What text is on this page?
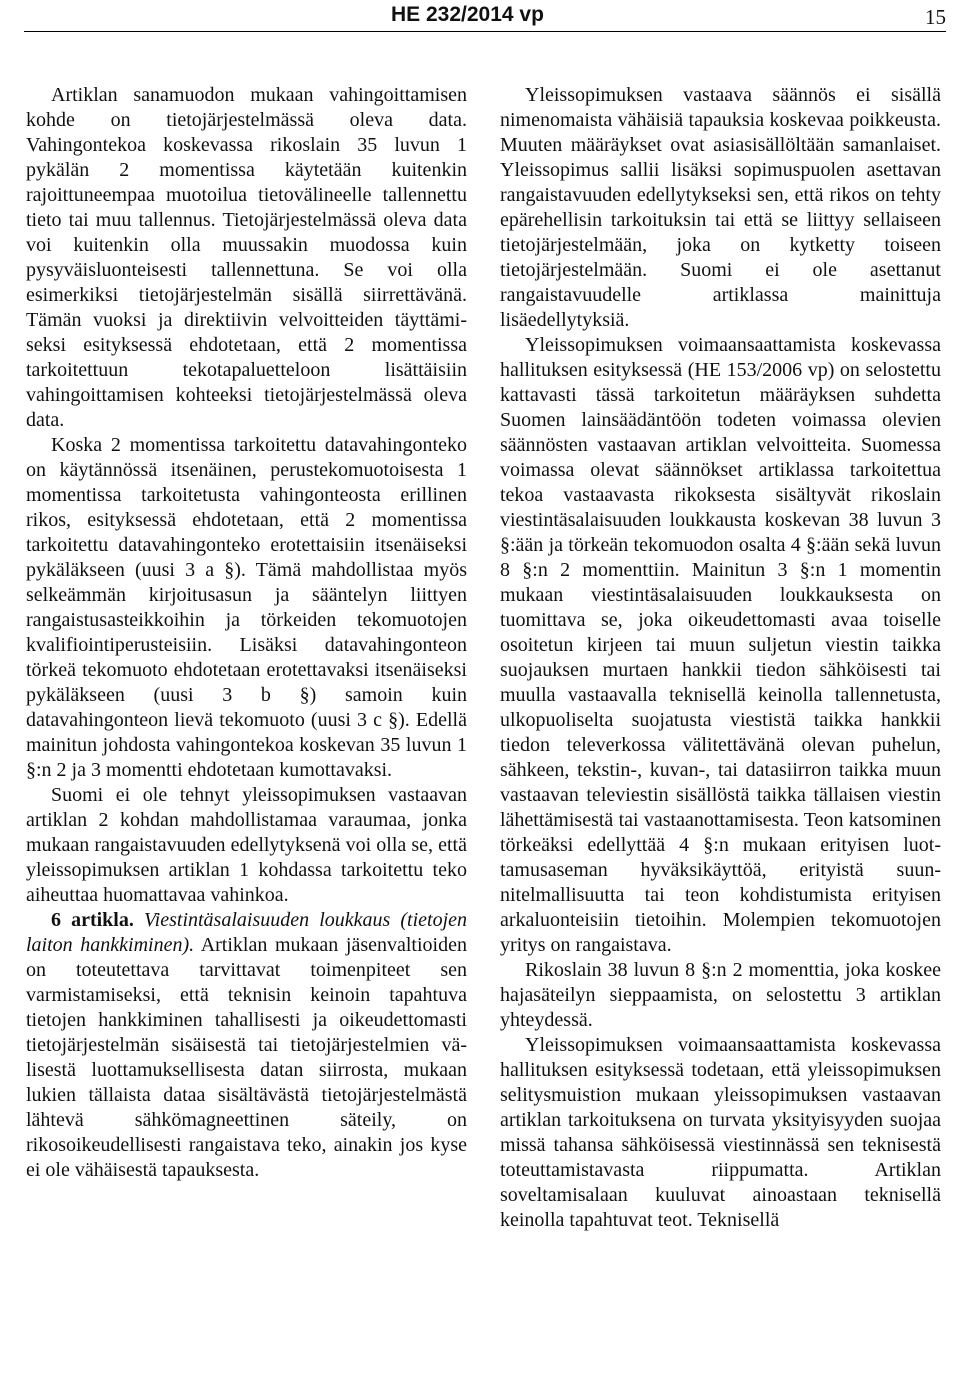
HE 232/2014 vp	15

Artiklan sanamuodon mukaan vahingoittamisen kohde on tietojärjestelmässä oleva data. Vahingontekoa koskevassa rikoslain 35 luvun 1 pykälän 2 momentissa käytetään kuitenkin rajoittuneempaa muotoilua tietovälineelle tallennettu tieto tai muu tallennus. Tietojärjestelmässä oleva data voi kuitenkin olla muussakin muodossa kuin pysyväisluonteisesti tallennettuna. Se voi olla esimerkiksi tietojärjestelmän sisällä siirrettävänä. Tämän vuoksi ja direktiivin velvoitteiden täyttämiseksi esityksessä ehdotetaan, että 2 momentissa tarkoitettuun tekotapaluetteloon lisättäisiin vahingoittamisen kohteeksi tietojärjestelmässä oleva data.

Koska 2 momentissa tarkoitettu datavahingonteko on käytännössä itsenäinen, perustekomuotoisesta 1 momentissa tarkoitetusta vahingonteosta erillinen rikos, esityksessä ehdotetaan, että 2 momentissa tarkoitettu datavahingonteko erotettaisiin itsenäiseksi pykäläkseen (uusi 3 a §). Tämä mahdollistaa myös selkeämmän kirjoitusasun ja sääntelyn liittyen rangaistusasteikkoihin ja törkeiden tekomuotojen kvalifiointiperusteisiin. Lisäksi datavahingonteon törkeä tekomuoto ehdotetaan erotettavaksi itsenäiseksi pykäläkseen (uusi 3 b §) samoin kuin datavahingonteon lievä tekomuoto (uusi 3 c §). Edellä mainitun johdosta vahingontekoa koskevan 35 luvun 1 §:n 2 ja 3 momentti ehdotetaan kumottavaksi.

Suomi ei ole tehnyt yleissopimuksen vastaavan artiklan 2 kohdan mahdollistamaa varaumaa, jonka mukaan rangaistavuuden edellytyksenä voi olla se, että yleissopimuksen artiklan 1 kohdassa tarkoitettu teko aiheuttaa huomattavaa vahinkoa.

6 artikla. Viestintäsalaisuuden loukkaus (tietojen laiton hankkiminen). Artiklan mukaan jäsenvaltioiden on toteutettava tarvittavat toimenpiteet sen varmistamiseksi, että teknisin keinoin tapahtuva tietojen hankkiminen tahallisesti ja oikeudettomasti tietojärjestelmän sisäisestä tai tietojärjestelmien välisestä luottamuksellisesta datan siirrosta, mukaan lukien tällaista dataa sisältävästä tietojärjestelmästä lähtevä sähkömagneettinen säteily, on rikosoikeudellisesti rangaistava teko, ainakin jos kyse ei ole vähäisestä tapauksesta.

Yleissopimuksen vastaava säännös ei sisällä nimenomaista vähäisiä tapauksia koskevaa poikkeusta. Muuten määräykset ovat asiasisällöltään samanlaiset. Yleissopimus sallii lisäksi sopimuspuolen asettavan rangaistavuuden edellytykseksi sen, että rikos on tehty epärehellisin tarkoituksin tai että se liittyy sellaiseen tietojärjestelmään, joka on kytketty toiseen tietojärjestelmään. Suomi ei ole asettanut rangaistavuudelle artiklassa mainittuja lisäedellytyksiä.

Yleissopimuksen voimaansaattamista koskevassa hallituksen esityksessä (HE 153/2006 vp) on selostettu kattavasti tässä tarkoitetun määräyksen suhdetta Suomen lainsäädäntöön todeten voimassa olevien säännösten vastaavan artiklan velvoitteita. Suomessa voimassa olevat säännökset artiklassa tarkoitettua tekoa vastaavasta rikoksesta sisältyvät rikoslain viestintäsalaisuuden loukkausta koskevan 38 luvun 3 §:ään ja törkeän tekomuodon osalta 4 §:ään sekä luvun 8 §:n 2 momenttiin. Mainitun 3 §:n 1 momentin mukaan viestintäsalaisuuden loukkauksesta on tuomittava se, joka oikeudettomasti avaa toiselle osoitetun kirjeen tai muun suljetun viestin taikka suojauksen murtaen hankkii tiedon sähköisesti tai muulla vastaavalla teknisellä keinolla tallennetusta, ulkopuoliselta suojatusta viestistä taikka hankkii tiedon televerkossa välitettävänä olevan puhelun, sähkeen, tekstin-, kuvan-, tai datasiirron taikka muun vastaavan televiestin sisällöstä taikka tällaisen viestin lähettämisestä tai vastaanottamisesta. Teon katsominen törkeäksi edellyttää 4 §:n mukaan erityisen luottamusaseman hyväksikäyttöä, erityistä suunnitelmallisuutta tai teon kohdistumista erityisen arkaluonteisiin tietoihin. Molempien tekomuotojen yritys on rangaistava.

Rikoslain 38 luvun 8 §:n 2 momenttia, joka koskee hajasäteilyn sieppaamista, on selostettu 3 artiklan yhteydessä.

Yleissopimuksen voimaansaattamista koskevassa hallituksen esityksessä todetaan, että yleissopimuksen selitysmuistion mukaan yleissopimuksen vastaavan artiklan tarkoituksena on turvata yksityisyyden suojaa missä tahansa sähköisessä viestinnässä sen teknisestä toteuttamistavasta riippumatta. Artiklan soveltamisalaan kuuluvat ainoastaan teknisellä keinolla tapahtuvat teot. Teknisellä
